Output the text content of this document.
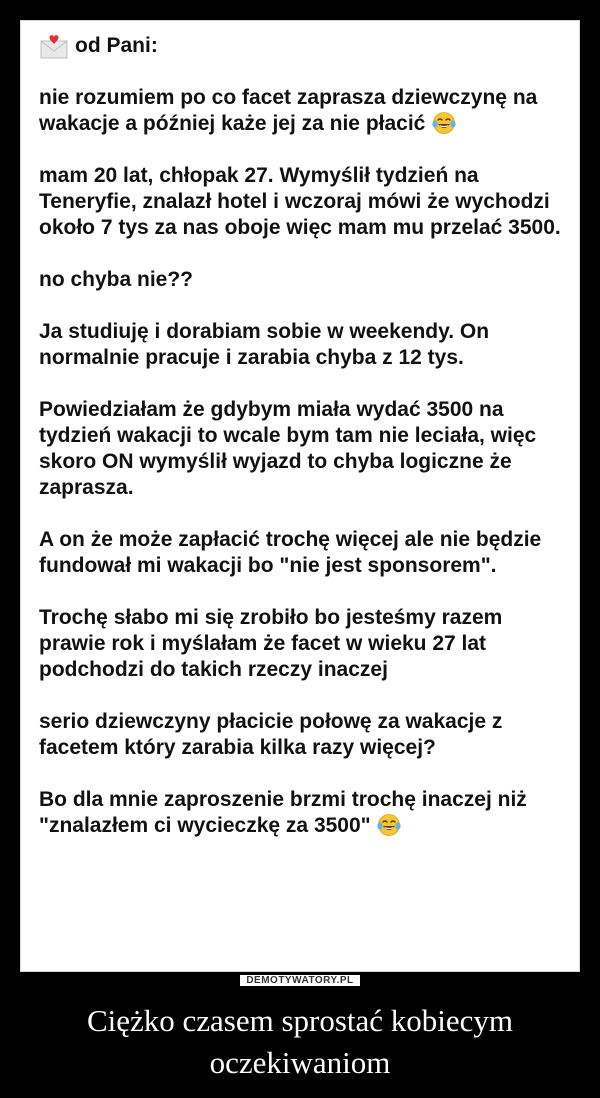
od Pani:

nie rozumiem po co facet zaprasza dziewczynę na wakacje a później każe jej za nie płacić

mam 20 lat, chłopak 27. Wymyślił tydzień na Teneryfie, znalazł hotel i wczoraj mówi że wychodzi około 7 tys za nas oboje więc mam mu przelać 3500.

no chyba nie??

Ja studiuję i dorabiam sobie w weekendy. On normalnie pracuje i zarabia chyba z 12 tys.

Powiedziałam że gdybym miała wydać 3500 na tydzień wakacji to wcale bym tam nie leciała, więc skoro ON wymyślił wyjazd to chyba logiczne że zaprasza.

A on że może zapłacić trochę więcej ale nie będzie fundował mi wakacji bo "nie jest sponsorem".

Trochę słabo mi się zrobiło bo jesteśmy razem prawie rok i myślałam że facet w wieku 27 lat podchodzi do takich rzeczy inaczej

serio dziewczyny płacicie połowę za wakacje z facetem który zarabia kilka razy więcej?

Bo dla mnie zaproszenie brzmi trochę inaczej niż "znalazłem ci wycieczkę za 3500"

DEMOTYWATORY.PL
Ciężko czasem sprostać kobiecym oczekiwaniom
